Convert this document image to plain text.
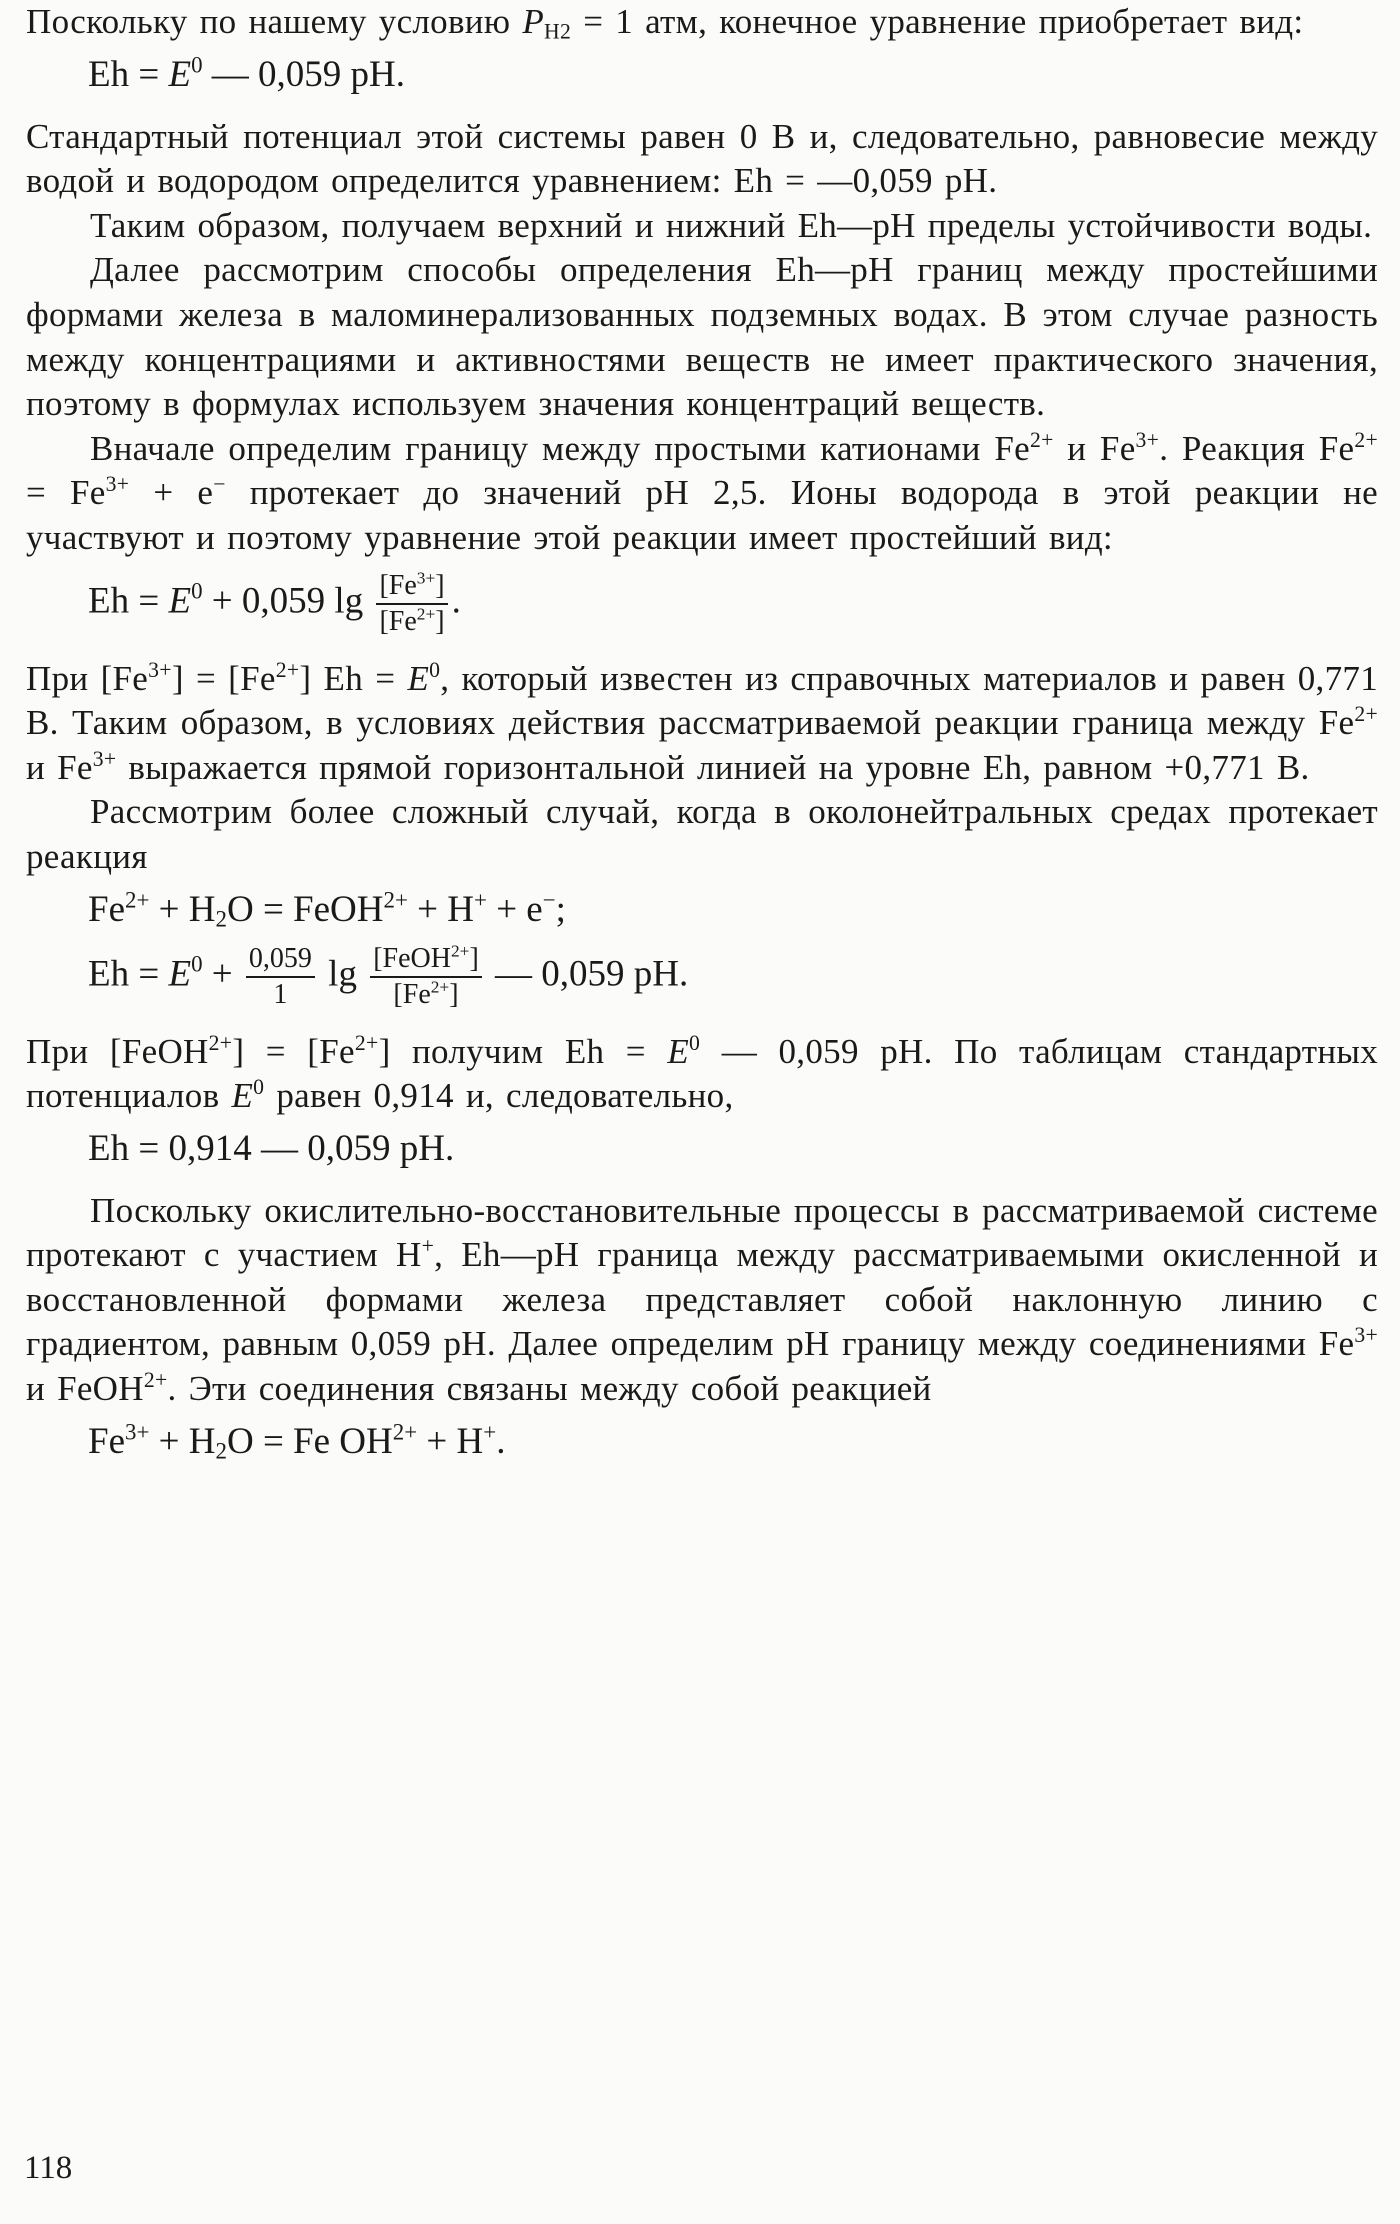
Поскольку по нашему условию $P_{H2} = 1$ атм, конечное уравнение приобретает вид:

$Eh = E^0$ — 0,059 pH.

Стандартный потенциал этой системы равен 0 В и, следовательно, равновесие между водой и водородом определится уравнением: Eh = —0,059 pH.

Таким образом, получаем верхний и нижний Eh—pH пределы устойчивости воды.

Далее рассмотрим способы определения Eh—pH границ между простейшими формами железа в маломинерализованных подземных водах. В этом случае разность между концентрациями и активностями веществ не имеет практического значения, поэтому в формулах используем значения концентраций веществ.

Вначале определим границу между простыми катионами $Fe^{2+}$ и $Fe^{3+}$. Реакция $Fe^{2+} = Fe^{3+} + e^-$ протекает до значений pH 2,5. Ионы водорода в этой реакции не участвуют и поэтому уравнение этой реакции имеет простейший вид:

$Eh = E^0 + 0,059$ $\lg \frac{[Fe^{3+}]}{[Fe^{2+}]}$ .

При $[Fe^{3+}] = [Fe^{2+}] Eh = E^0$, который известен из справочных материалов и равен 0,771 В. Таким образом, в условиях действия рассматриваемой реакции граница между $Fe^{2+}$ и $Fe^{3+}$ выражается прямой горизонтальной линией на уровне Eh, равном +0,771 В.

Рассмотрим более сложный случай, когда в околонейтральных средах протекает реакция

$Fe^{2+} + H_2O$ = FeOH$^{2+}$ + H+ + e−;
$Eh = E^0 + \frac{0,059}{1}$ $\lg \frac{[FeOH^{2+}]}{[Fe^{2+}]}$ — 0,059 pH.

При [FeOH$^{2+}$] = $[Fe^{2+}]$ получим $Eh = E^0$ — 0,059 pH. По таблицам стандартных потенциалов $E^0$ равен 0,914 и, следовательно,

Eh = 0,914 — 0,059 pH.

Поскольку окислительно-восстановительные процессы в рассматриваемой системе протекают с участием H+, Eh—pH граница между рассматриваемыми окисленной и восстановленной формами железа представляет собой наклонную линию с градиентом, равным 0,059 pH. Далее определим pH границу между соединениями $Fe^{3+}$ и FeOH$^{2+}$. Эти соединения связаны между собой реакцией

$Fe^{3+} + H_2O = Fe$ $OH^{2+} + H^+$.
118
